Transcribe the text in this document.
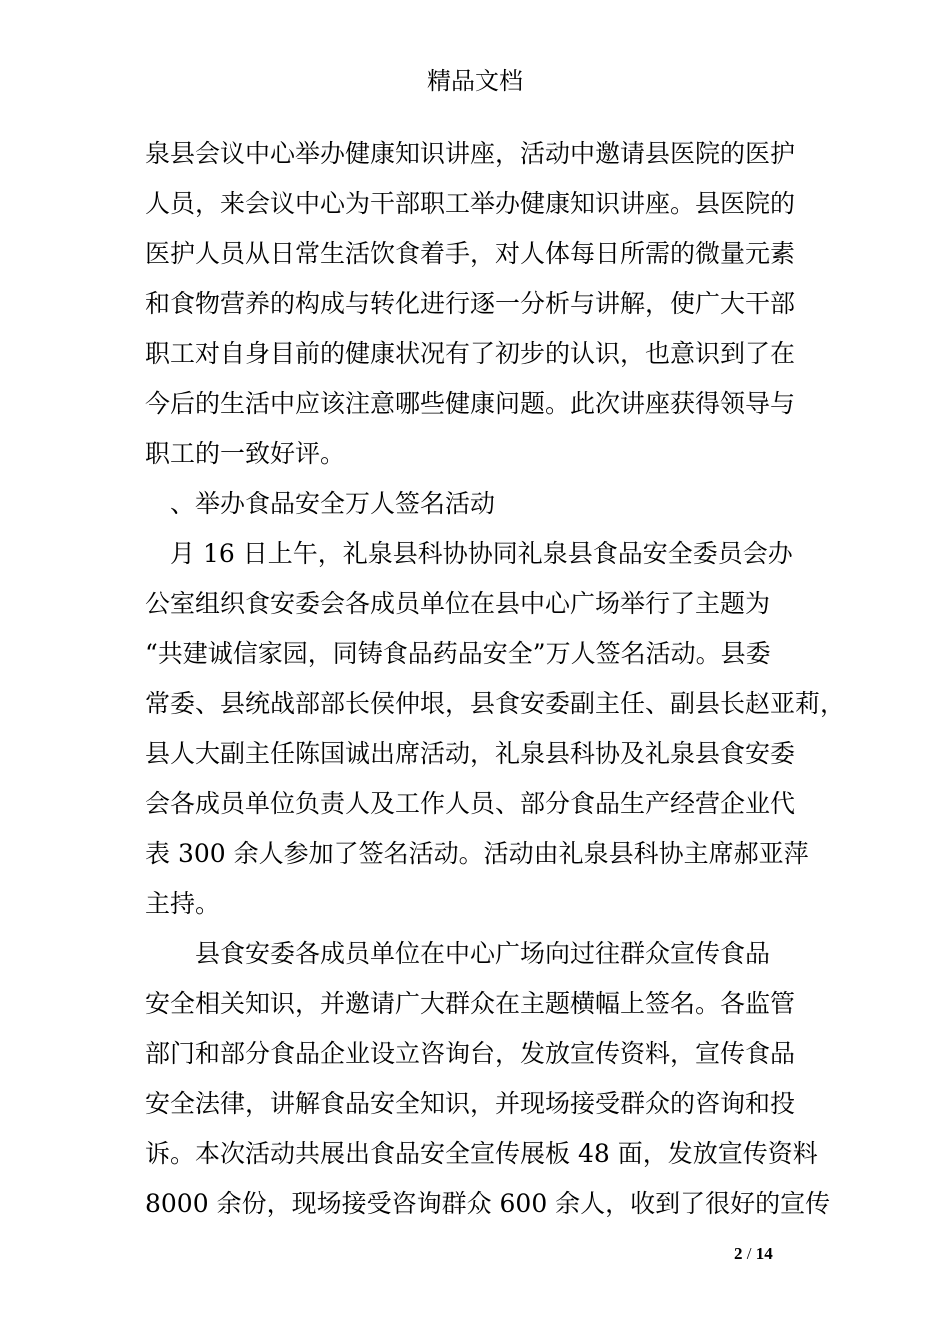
精品文档
泉县会议中心举办健康知识讲座，活动中邀请县医院的医护
人员，来会议中心为干部职工举办健康知识讲座。县医院的
医护人员从日常生活饮食着手，对人体每日所需的微量元素
和食物营养的构成与转化进行逐一分析与讲解，使广大干部
职工对自身目前的健康状况有了初步的认识，也意识到了在
今后的生活中应该注意哪些健康问题。此次讲座获得领导与
职工的一致好评。
、举办食品安全万人签名活动
月 16 日上午，礼泉县科协协同礼泉县食品安全委员会办
公室组织食安委会各成员单位在县中心广场举行了主题为
“共建诚信家园，同铸食品药品安全”万人签名活动。县委
常委、县统战部部长侯仲垠，县食安委副主任、副县长赵亚莉，
县人大副主任陈国诚出席活动，礼泉县科协及礼泉县食安委
会各成员单位负责人及工作人员、部分食品生产经营企业代
表 300 余人参加了签名活动。活动由礼泉县科协主席郝亚萍
主持。
县食安委各成员单位在中心广场向过往群众宣传食品
安全相关知识，并邀请广大群众在主题横幅上签名。各监管
部门和部分食品企业设立咨询台，发放宣传资料，宣传食品
安全法律，讲解食品安全知识，并现场接受群众的咨询和投
诉。本次活动共展出食品安全宣传展板 48 面，发放宣传资料
8000 余份，现场接受咨询群众 600 余人，收到了很好的宣传
2 / 14
